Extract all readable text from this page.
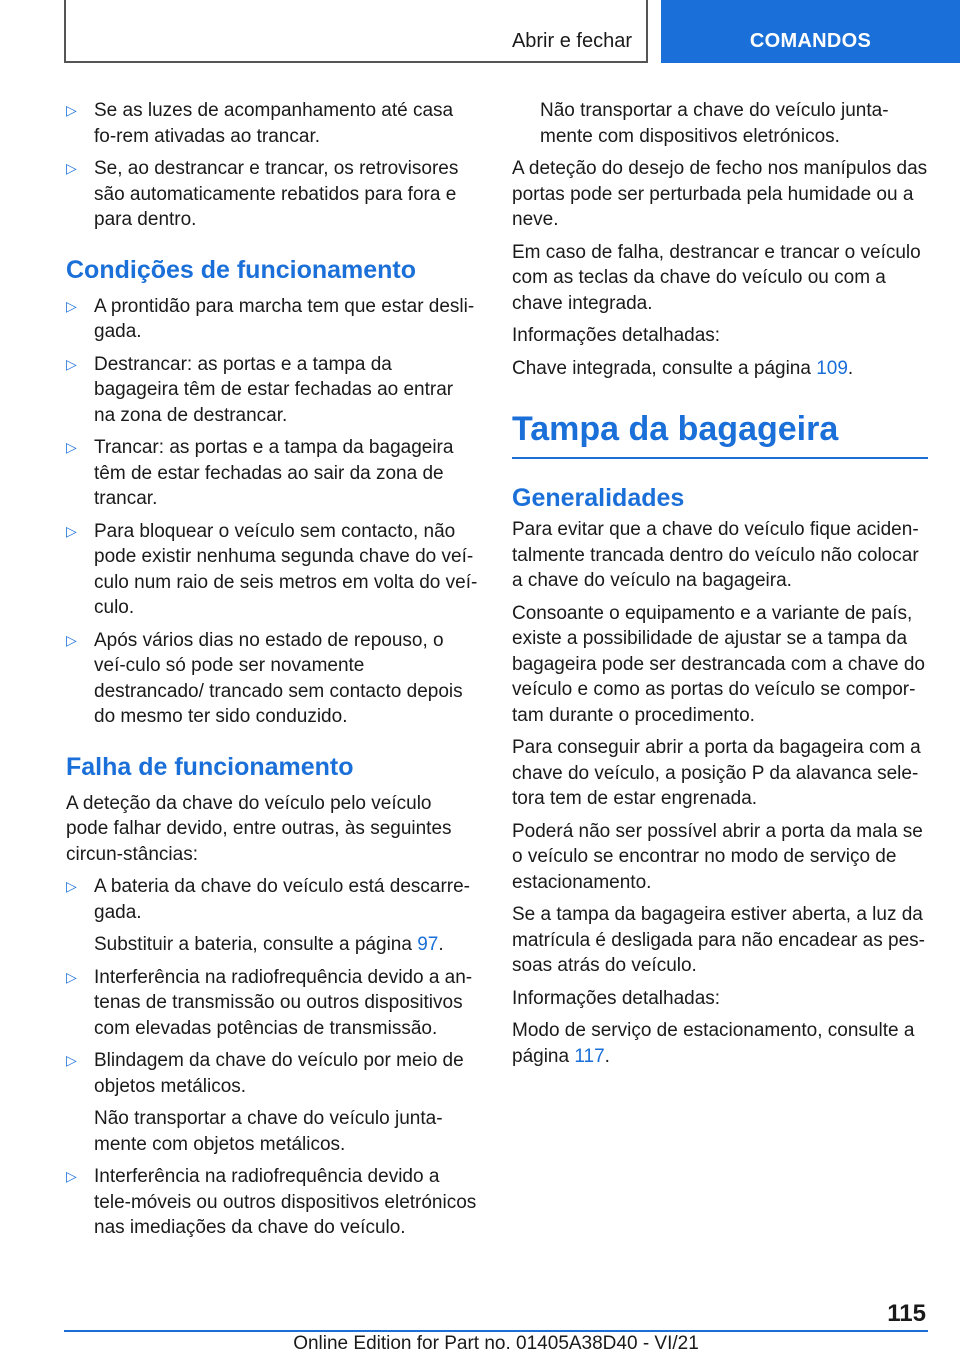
Abrir e fechar	COMANDOS
▷ Se as luzes de acompanhamento até casa fo-rem ativadas ao trancar.
▷ Se, ao destrancar e trancar, os retrovisores são automaticamente rebatidos para fora e para dentro.
Condições de funcionamento
▷ A prontidão para marcha tem que estar desli-gada.
▷ Destrancar: as portas e a tampa da bagageira têm de estar fechadas ao entrar na zona de destrancar.
▷ Trancar: as portas e a tampa da bagageira têm de estar fechadas ao sair da zona de trancar.
▷ Para bloquear o veículo sem contacto, não pode existir nenhuma segunda chave do veí-culo num raio de seis metros em volta do veí-culo.
▷ Após vários dias no estado de repouso, o veí-culo só pode ser novamente destrancado/ trancado sem contacto depois do mesmo ter sido conduzido.
Falha de funcionamento

A deteção da chave do veículo pelo veículo pode falhar devido, entre outras, às seguintes circun-stâncias:

▷ A bateria da chave do veículo está descarre-gada.
Substituir a bateria, consulte a página 97.
▷ Interferência na radiofrequência devido a an-tenas de transmissão ou outros dispositivos com elevadas potências de transmissão.
▷ Blindagem da chave do veículo por meio de objetos metálicos.
Não transportar a chave do veículo junta-mente com objetos metálicos.
▷ Interferência na radiofrequência devido a tele-móveis ou outros dispositivos eletrónicos nas imediações da chave do veículo.
Não transportar a chave do veículo junta-mente com dispositivos eletrónicos.

A deteção do desejo de fecho nos manípulos das portas pode ser perturbada pela humidade ou a neve.

Em caso de falha, destrancar e trancar o veículo com as teclas da chave do veículo ou com a chave integrada.

Informações detalhadas:

Chave integrada, consulte a página 109.

Tampa da bagageira
Generalidades

Para evitar que a chave do veículo fique aciden-talmente trancada dentro do veículo não colocar a chave do veículo na bagageira.

Consoante o equipamento e a variante de país, existe a possibilidade de ajustar se a tampa da bagageira pode ser destrancada com a chave do veículo e como as portas do veículo se compor-tam durante o procedimento.

Para conseguir abrir a porta da bagageira com a chave do veículo, a posição P da alavanca sele-tora tem de estar engrenada.

Poderá não ser possível abrir a porta da mala se o veículo se encontrar no modo de serviço de estacionamento.

Se a tampa da bagageira estiver aberta, a luz da matrícula é desligada para não encadear as pes-soas atrás do veículo.

Informações detalhadas:

Modo de serviço de estacionamento, consulte a página 117.

115
Online Edition for Part no. 01405A38D40 - VI/21
